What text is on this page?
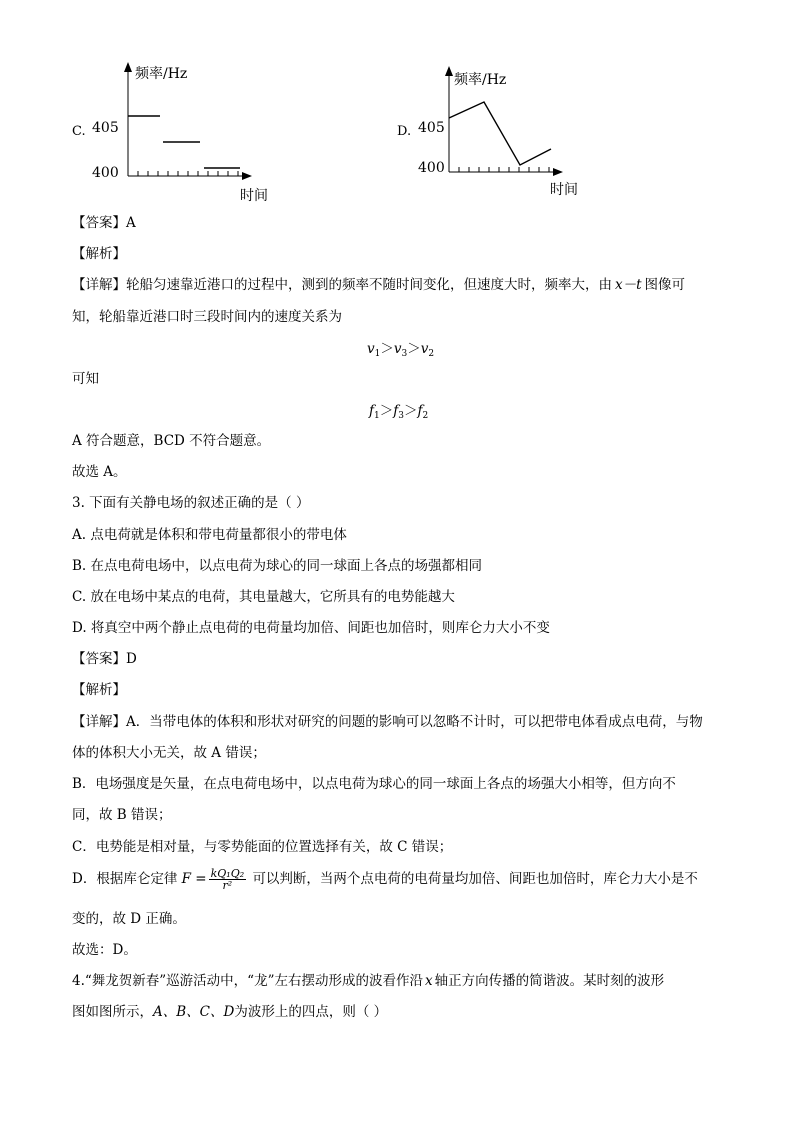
C.
频率/Hz
405
400
时间
D.
频率/Hz
405
400
时间
【答案】A
【解析】
【详解】轮船匀速靠近港口的过程中，测到的频率不随时间变化，但速度大时，频率大，由 x－t 图像可
知，轮船靠近港口时三段时间内的速度关系为
$v_1>v_3>v_2$
可知
$f_1>f_3>f_2$
A 符合题意，BCD 不符合题意。
故选 A。
3. 下面有关静电场的叙述正确的是（ ）
A. 点电荷就是体积和带电荷量都很小的带电体
B. 在点电荷电场中，以点电荷为球心的同一球面上各点的场强都相同
C. 放在电场中某点的电荷，其电量越大，它所具有的电势能越大
D. 将真空中两个静止点电荷的电荷量均加倍、间距也加倍时，则库仑力大小不变
【答案】D
【解析】
【详解】A．当带电体的体积和形状对研究的问题的影响可以忽略不计时，可以把带电体看成点电荷，与物
体的体积大小无关，故 A 错误；
B．电场强度是矢量，在点电荷电场中，以点电荷为球心的同一球面上各点的场强大小相等，但方向不
同，故 B 错误；
C．电势能是相对量，与零势能面的位置选择有关，故 C 错误；
D．根据库仑定律 $F = \frac{\text{kQ₁Q₂}}{\text{r²}}$ 可以判断，当两个点电荷的电荷量均加倍、间距也加倍时，库仑力大小是不
变的，故 D 正确。
故选：D。
4.“舞龙贺新春”巡游活动中，“龙”左右摆动形成的波看作沿 x 轴正方向传播的简谐波。某时刻的波形
图如图所示，A、B、C、D为波形上的四点，则（ ）
